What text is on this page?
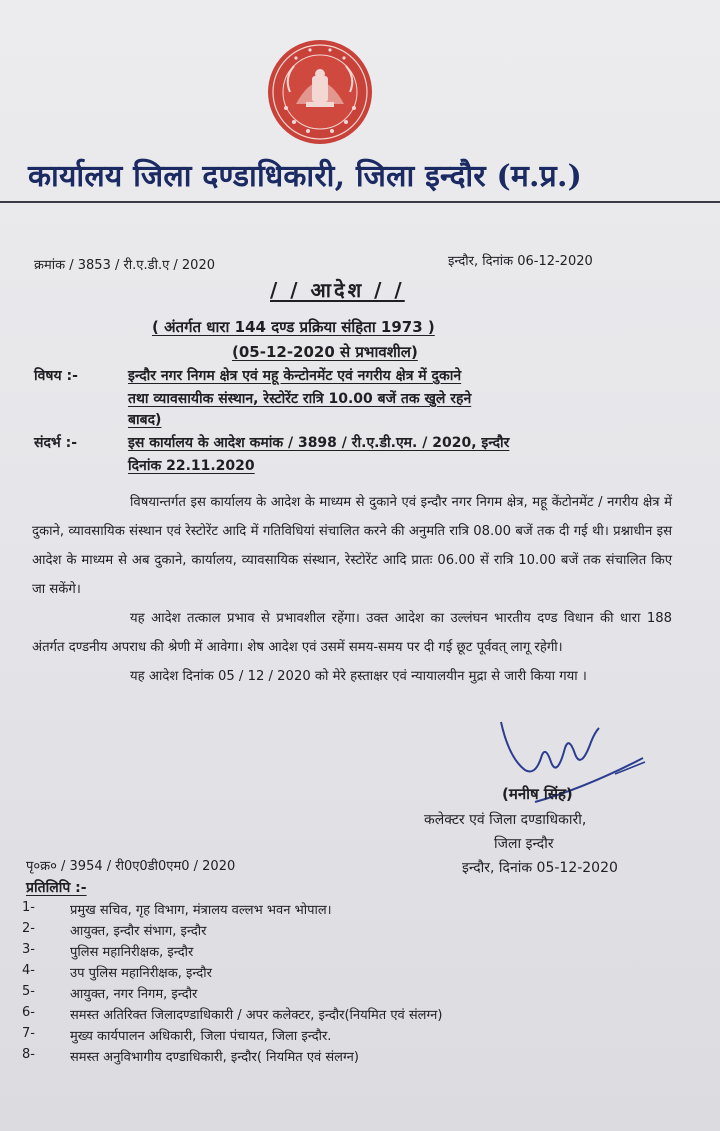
कार्यालय जिला दण्डाधिकारी, जिला इन्दौर (म.प्र.)
क्रमांक / 3853 / री.ए.डी.ए / 2020	इन्दौर, दिनांक 06-12-2020
/ / आदेश / /
( अंतर्गत धारा 144 दण्ड प्रक्रिया संहिता 1973 )
(05-12-2020 से प्रभावशील)
विषय :-	इन्दौर नगर निगम क्षेत्र एवं महू केन्टोनमेंट एवं नगरीय क्षेत्र में दुकाने
तथा व्यावसायीक संस्थान, रेस्टोरेंट रात्रि 10.00 बजें तक खुले रहने
बाबद)
संदर्भ :-	इस कार्यालय के आदेश कमांक / 3898 / री.ए.डी.एम. / 2020, इन्दौर
दिनांक 22.11.2020

विषयान्तर्गत इस कार्यालय के आदेश के माध्यम से दुकाने एवं इन्दौर नगर निगम क्षेत्र, महू केंटोनमेंट / नगरीय क्षेत्र में दुकाने, व्यावसायिक संस्थान एवं रेस्टोरेंट आदि में गतिविधियां संचालित करने की अनुमति रात्रि 08.00 बजें तक दी गई थी। प्रश्नाधीन इस आदेश के माध्यम से अब दुकाने, कार्यालय, व्यावसायिक संस्थान, रेस्टोरेंट आदि प्रातः 06.00 सें रात्रि 10.00 बजें तक संचालित किए जा सकेंगे।

यह आदेश तत्काल प्रभाव से प्रभावशील रहेंगा। उक्त आदेश का उल्लंघन भारतीय दण्ड विधान की धारा 188 अंतर्गत दण्डनीय अपराध की श्रेणी में आवेगा। शेष आदेश एवं उसमें समय-समय पर दी गई छूट पूर्ववत् लागू रहेगी।

यह आदेश दिनांक 05 / 12 / 2020 को मेरे हस्ताक्षर एवं न्यायालयीन मुद्रा से जारी किया गया ।

(मनीष सिंह)
कलेक्टर एवं जिला दण्डाधिकारी,
जिला इन्दौर
इन्दौर, दिनांक 05-12-2020
पृ०क्र० / 3954 / री0ए0डी0एम0 / 2020
प्रतिलिपि :-
1-	प्रमुख सचिव, गृह विभाग, मंत्रालय वल्लभ भवन भोपाल।
2-	आयुक्त, इन्दौर संभाग, इन्दौर
3-	पुलिस महानिरीक्षक, इन्दौर
4-	उप पुलिस महानिरीक्षक, इन्दौर
5-	आयुक्त, नगर निगम, इन्दौर
6-	समस्त अतिरिक्त जिलादण्डाधिकारी / अपर कलेक्टर, इन्दौर(नियमित एवं संलग्न)
7-	मुख्य कार्यपालन अधिकारी, जिला पंचायत, जिला इन्दौर.
8-	समस्त अनुविभागीय दण्डाधिकारी, इन्दौर( नियमित एवं संलग्न)
